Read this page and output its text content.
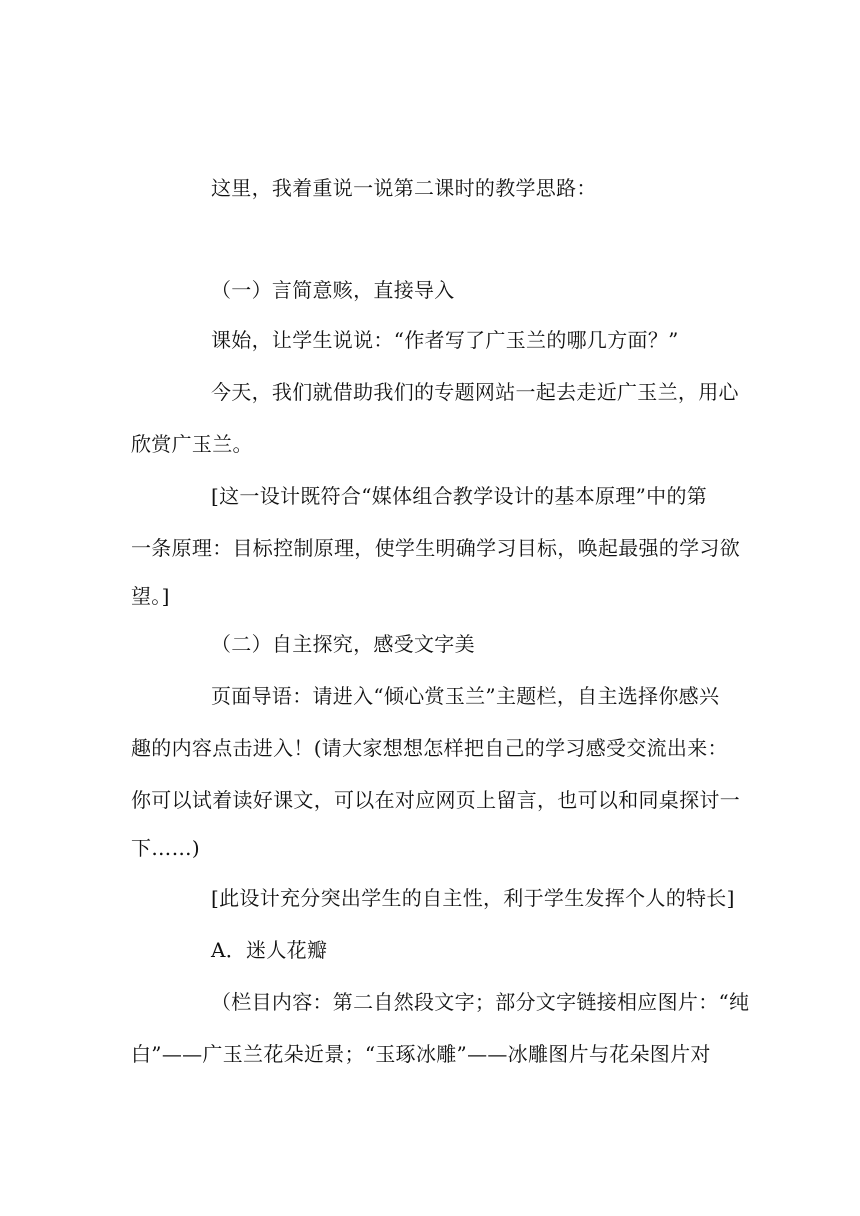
这里，我着重说一说第二课时的教学思路：
（一）言简意赅，直接导入
课始，让学生说说：“作者写了广玉兰的哪几方面？”
今天，我们就借助我们的专题网站一起去走近广玉兰，用心
欣赏广玉兰。
[这一设计既符合“媒体组合教学设计的基本原理”中的第
一条原理：目标控制原理，使学生明确学习目标，唤起最强的学习欲
望。]
（二）自主探究，感受文字美
页面导语：请进入“倾心赏玉兰”主题栏，自主选择你感兴
趣的内容点击进入！(请大家想想怎样把自己的学习感受交流出来：
你可以试着读好课文，可以在对应网页上留言，也可以和同桌探讨一
下……)
[此设计充分突出学生的自主性，利于学生发挥个人的特长]
A．迷人花瓣
（栏目内容：第二自然段文字；部分文字链接相应图片：“纯
白”——广玉兰花朵近景；“玉琢冰雕”——冰雕图片与花朵图片对
